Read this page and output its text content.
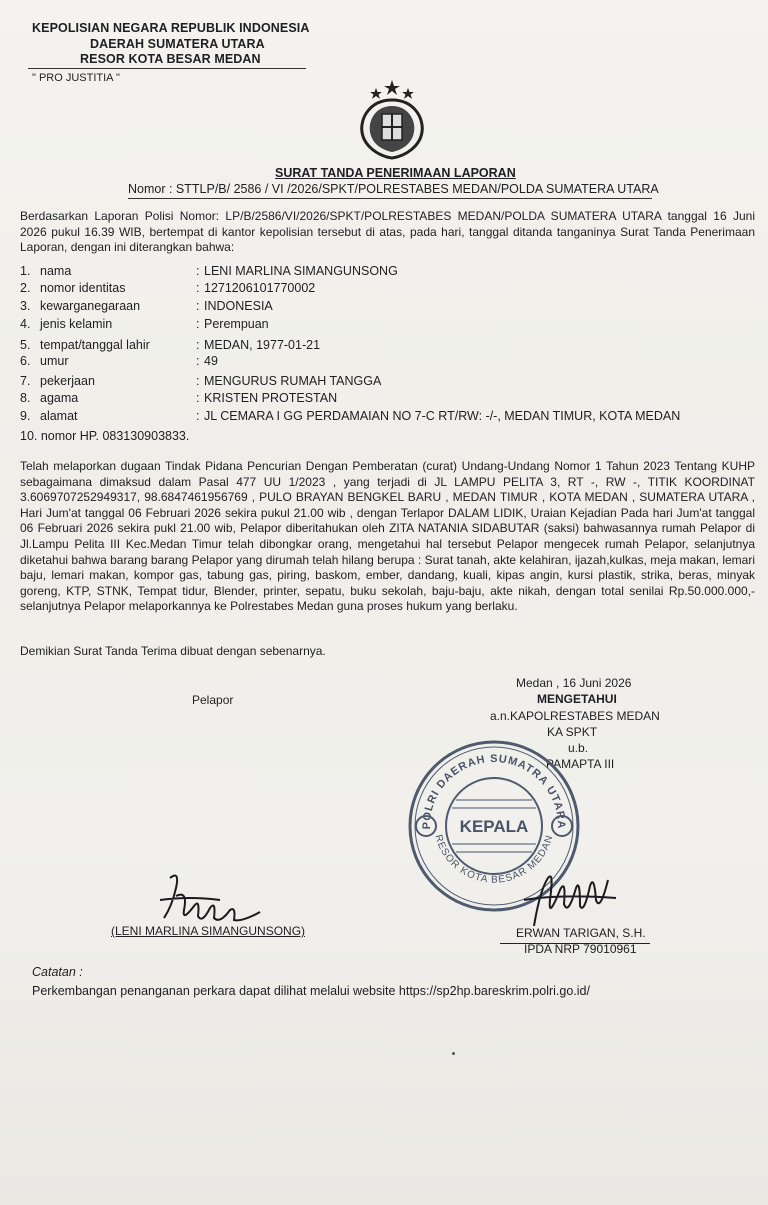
KEPOLISIAN NEGARA REPUBLIK INDONESIA
DAERAH SUMATERA UTARA
RESOR KOTA BESAR MEDAN
" PRO JUSTITIA "
SURAT TANDA PENERIMAAN LAPORAN
Nomor : STTLP/B/ 2586 / VI /2026/SPKT/POLRESTABES MEDAN/POLDA SUMATERA UTARA
Berdasarkan Laporan Polisi Nomor: LP/B/2586/VI/2026/SPKT/POLRESTABES MEDAN/POLDA SUMATERA UTARA tanggal 16 Juni 2026 pukul 16.39 WIB, bertempat di kantor kepolisian tersebut di atas, pada hari, tanggal ditanda tanganinya Surat Tanda Penerimaan Laporan, dengan ini diterangkan bahwa:
1. nama	: LENI MARLINA SIMANGUNSONG
2. nomor identitas	: 1271206101770002
3. kewarganegaraan	: INDONESIA
4. jenis kelamin	: Perempuan
5. tempat/tanggal lahir	: MEDAN, 1977-01-21
6. umur	: 49
7. pekerjaan	: MENGURUS RUMAH TANGGA
8. agama	: KRISTEN PROTESTAN
9. alamat	: JL CEMARA I GG PERDAMAIAN NO 7-C RT/RW: -/-, MEDAN TIMUR, KOTA MEDAN
10. nomor HP. 083130903833.
Telah melaporkan dugaan Tindak Pidana Pencurian Dengan Pemberatan (curat) Undang-Undang Nomor 1 Tahun 2023 Tentang KUHP sebagaimana dimaksud dalam Pasal 477 UU 1/2023 , yang terjadi di JL LAMPU PELITA 3, RT -, RW -, TITIK KOORDINAT 3.6069707252949317, 98.6847461956769 , PULO BRAYAN BENGKEL BARU , MEDAN TIMUR , KOTA MEDAN , SUMATERA UTARA , Hari Jum'at tanggal 06 Februari 2026 sekira pukul 21.00 wib , dengan Terlapor DALAM LIDIK, Uraian Kejadian Pada hari Jum'at tanggal 06 Februari 2026 sekira pukl 21.00 wib, Pelapor diberitahukan oleh ZITA NATANIA SIDABUTAR (saksi) bahwasannya rumah Pelapor di Jl.Lampu Pelita III Kec.Medan Timur telah dibongkar orang, mengetahui hal tersebut Pelapor mengecek rumah Pelapor, selanjutnya diketahui bahwa barang barang Pelapor yang dirumah telah hilang berupa : Surat tanah, akte kelahiran, ijazah,kulkas, meja makan, lemari baju, lemari makan, kompor gas, tabung gas, piring, baskom, ember, dandang, kuali, kipas angin, kursi plastik, strika, beras, minyak goreng, KTP, STNK, Tempat tidur, Blender, printer, sepatu, buku sekolah, baju-baju, akte nikah, dengan total senilai Rp.50.000.000,- selanjutnya Pelapor melaporkannya ke Polrestabes Medan guna proses hukum yang berlaku.
Demikian Surat Tanda Terima dibuat dengan sebenarnya.
Medan , 16 Juni 2026
MENGETAHUI
a.n.KAPOLRESTABES MEDAN
KA SPKT
u.b.
PAMAPTA III
Pelapor
POLRI DAERAH SUMATRA UTARA
RESOR KOTA BESAR MEDAN
KEPALA
(LENI MARLINA SIMANGUNSONG)	ERWAN TARIGAN, S.H.
IPDA NRP 79010961
Catatan :
Perkembangan penanganan perkara dapat dilihat melalui website https://sp2hp.bareskrim.polri.go.id/
